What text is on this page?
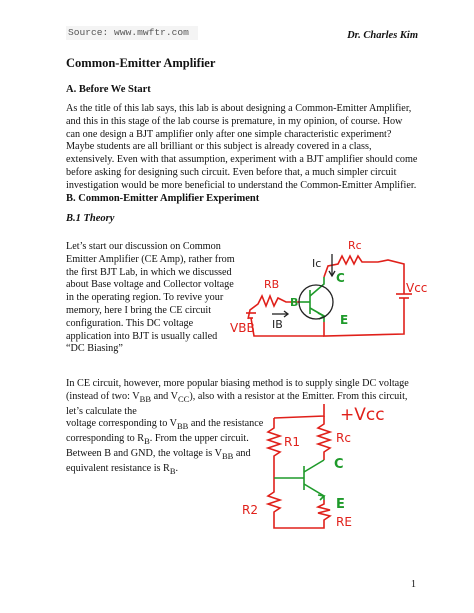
Source: www.mwftr.com	Dr. Charles Kim
Common-Emitter Amplifier
A. Before We Start
As the title of this lab says, this lab is about designing a Common-Emitter Amplifier, and this in this stage of the lab course is premature, in my opinion, of course. How can one design a BJT amplifier only after one simple characteristic experiment? Maybe students are all brilliant or this subject is already covered in a class, extensively. Even with that assumption, experiment with a BJT amplifier should come before asking for designing such circuit. Even before that, a much simpler circuit investigation would be more beneficial to understand the Common-Emitter Amplifier.
B. Common-Emitter Amplifier Experiment
B.1 Theory
Let’s start our discussion on Common Emitter Amplifier (CE Amp), rather from the first BJT Lab, in which we discussed about Base voltage and Collector voltage in the operating region. To revive your memory, here I bring the CE circuit configuration. This DC voltage application into BJT is usually called “DC Biasing”
Rc
Ic
C
RB
B
IB	E
Vcc
VBB

In CE circuit, however, more popular biasing method is to supply single DC voltage (instead of two: $V_{BB}$ and $V_{CC}$), also with a resistor at the Emitter. From this circuit, let’s calculate the

voltage corresponding to $V_{BB}$ and the resistance

corresponding to $R_B$. From the upper circuit.

Between B and GND, the voltage is $V_{BB}$ and

equivalent resistance is $R_B$.

+Vcc
R1	Rc
C
R2	E
RE
1
